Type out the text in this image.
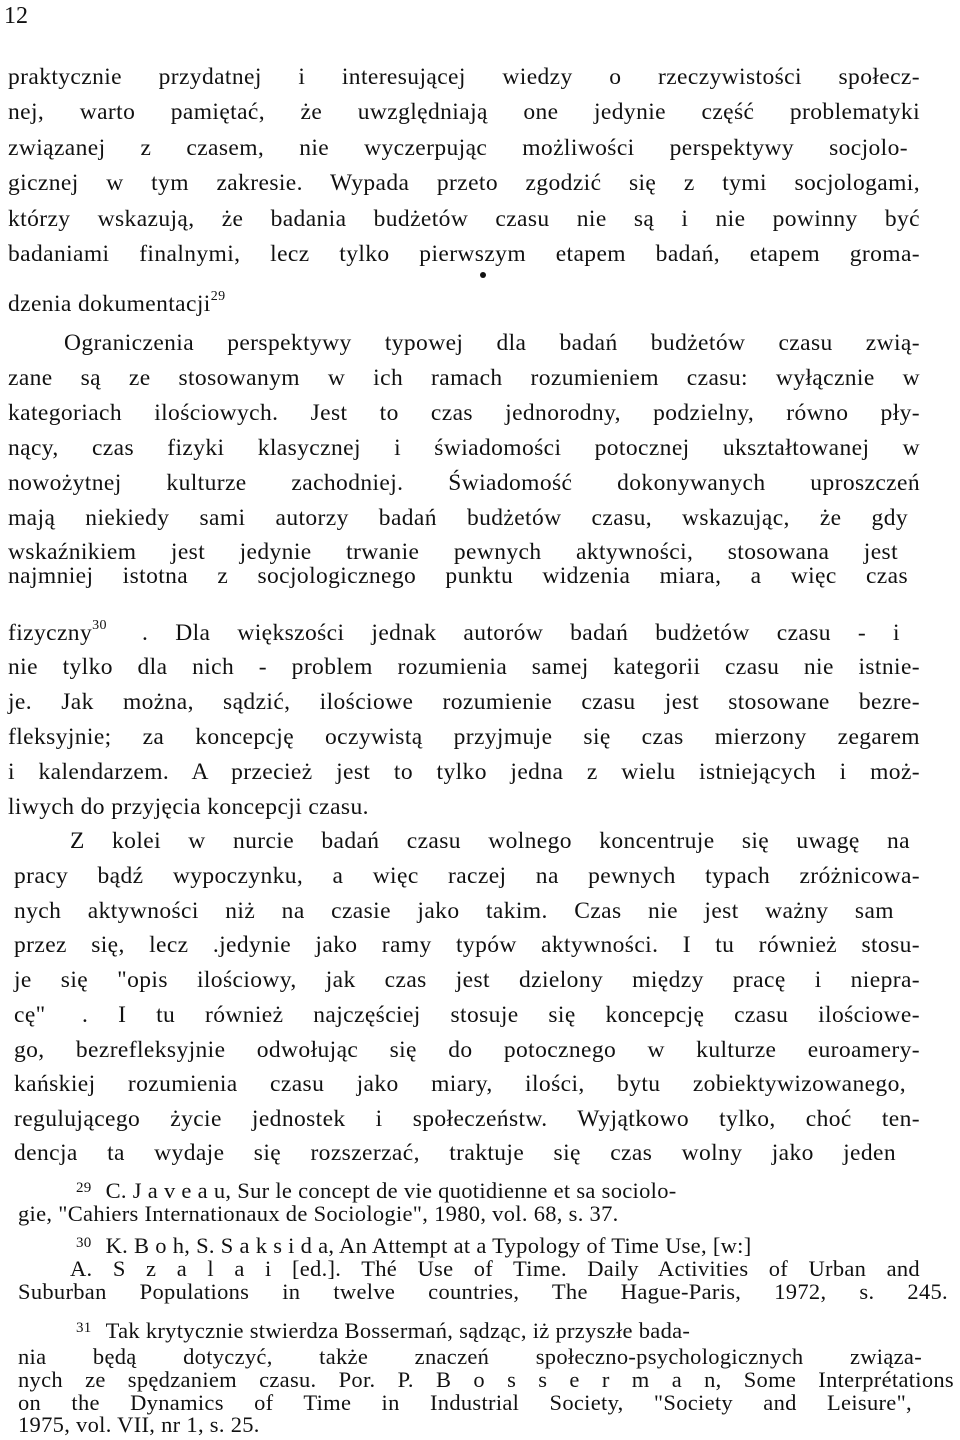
12
praktycznie przydatnej i interesującej wiedzy o rzeczywistości społecz-
nej, warto pamiętać, że uwzględniają one jedynie część problematyki
związanej z czasem, nie wyczerpując możliwości perspektywy socjolo-
gicznej w tym zakresie. Wypada przeto zgodzić się z tymi socjologami,
którzy wskazują, że badania budżetów czasu nie są i nie powinny być
badaniami finalnymi, lecz tylko pierwszym etapem badań, etapem groma-
dzenia dokumentacji$^{29}$
Ograniczenia perspektywy typowej dla badań budżetów czasu zwią-
zane są ze stosowanym w ich ramach rozumieniem czasu: wyłącznie w
kategoriach ilościowych. Jest to czas jednorodny, podzielny, równo pły-
nący, czas fizyki klasycznej i świadomości potocznej ukształtowanej w
nowożytnej kulturze zachodniej. Świadomość dokonywanych uproszczeń
mają niekiedy sami autorzy badań budżetów czasu, wskazując, że gdy
wskaźnikiem jest jedynie trwanie pewnych aktywności, stosowana jest
najmniej istotna z socjologicznego punktu widzenia miara, a więc czas
fizyczny$^{30}$ . Dla większości jednak autorów badań budżetów czasu - i
nie tylko dla nich - problem rozumienia samej kategorii czasu nie istnie-
je. Jak można, sądzić, ilościowe rozumienie czasu jest stosowane bezre-
fleksyjnie; za koncepcję oczywistą przyjmuje się czas mierzony zegarem
i kalendarzem. A przecież jest to tylko jedna z wielu istniejących i moż-
liwych do przyjęcia koncepcji czasu.
Z kolei w nurcie badań czasu wolnego koncentruje się uwagę na
pracy bądź wypoczynku, a więc raczej na pewnych typach zróżnicowa-
nych aktywności niż na czasie jako takim. Czas nie jest ważny sam
przez się, lecz .jedynie jako ramy typów aktywności. I tu również stosu-
je się "opis ilościowy, jak czas jest dzielony między pracę i niepra-
cę" . I tu również najczęściej stosuje się koncepcję czasu ilościowe-
go, bezrefleksyjnie odwołując się do potocznego w kulturze euroamery-
kańskiej rozumienia czasu jako miary, ilości, bytu zobiektywizowanego,
regulującego życie jednostek i społeczeństw. Wyjątkowo tylko, choć ten-
dencja ta wydaje się rozszerzać, traktuje się czas wolny jako jeden
$^{29}$ C. J a v e a u, Sur le concept de vie quotidienne et sa sociolo-
gie, "Cahiers Internationaux de Sociologie", 1980, vol. 68, s. 37.
$^{30}$ K. B o h, S. S a k s i d a, An Attempt at a Typology of Time Use, [w:]
A. S z a l a i [ed.]. Thé Use of Time. Daily Activities of Urban and
Suburban Populations in twelve countries, The Hague-Paris, 1972, s. 245.
$^{31}$ Tak krytycznie stwierdza Bossermań, sądząc, iż przyszłe bada-
nia będą dotyczyć, także znaczeń społeczno-psychologicznych związa-
nych ze spędzaniem czasu. Por. P. B o s s e r m a n, Some Interprétations
on the Dynamics of Time in Industrial Society, "Society and Leisure",
1975, vol. VII, nr 1, s. 25.
